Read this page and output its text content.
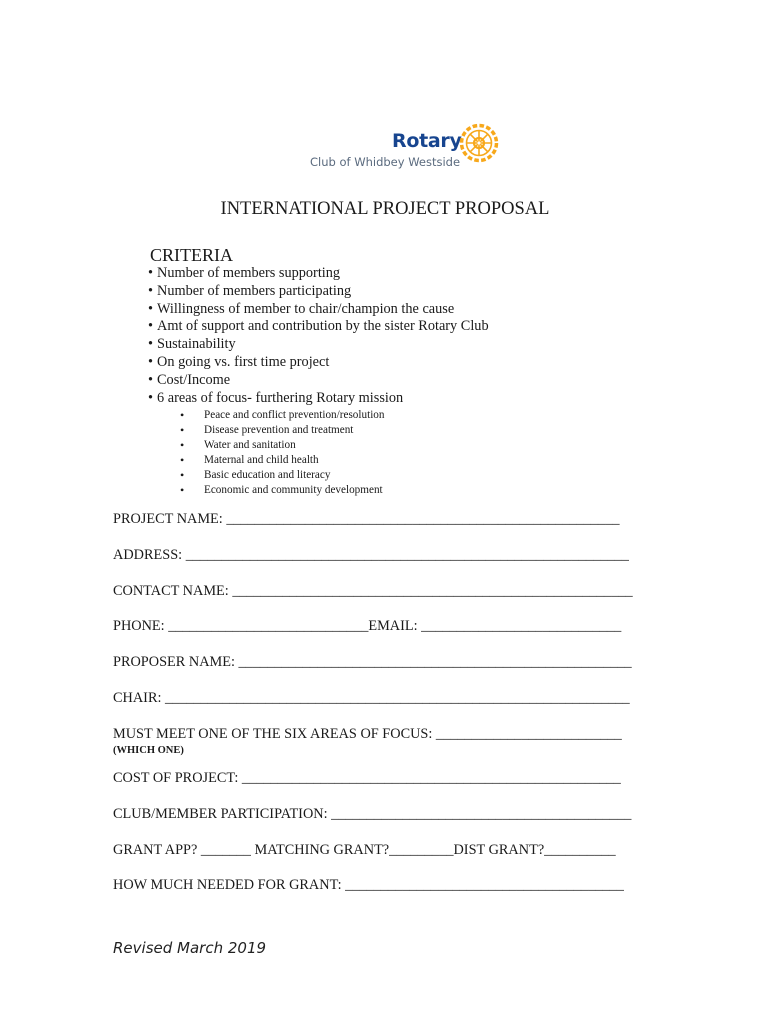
Rotary
Club of Whidbey Westside
INTERNATIONAL PROJECT PROPOSAL
CRITERIA
• Number of members supporting
• Number of members participating
• Willingness of member to chair/champion the cause
• Amt of support and contribution by the sister Rotary Club
• Sustainability
• On going vs. first time project
• Cost/Income
• 6 areas of focus- furthering Rotary mission
• Peace and conflict prevention/resolution
• Disease prevention and treatment
• Water and sanitation
• Maternal and child health
• Basic education and literacy
• Economic and community development
PROJECT NAME: _______________________________________________________
ADDRESS: ______________________________________________________________
CONTACT NAME: ________________________________________________________
PHONE: ____________________________EMAIL: ____________________________
PROPOSER NAME: _______________________________________________________
CHAIR: _________________________________________________________________
MUST MEET ONE OF THE SIX AREAS OF FOCUS: __________________________
(WHICH ONE)
COST OF PROJECT: _____________________________________________________
CLUB/MEMBER PARTICIPATION: __________________________________________
GRANT APP? _______ MATCHING GRANT?_________DIST GRANT?__________
HOW MUCH NEEDED FOR GRANT: _______________________________________
Revised March 2019
